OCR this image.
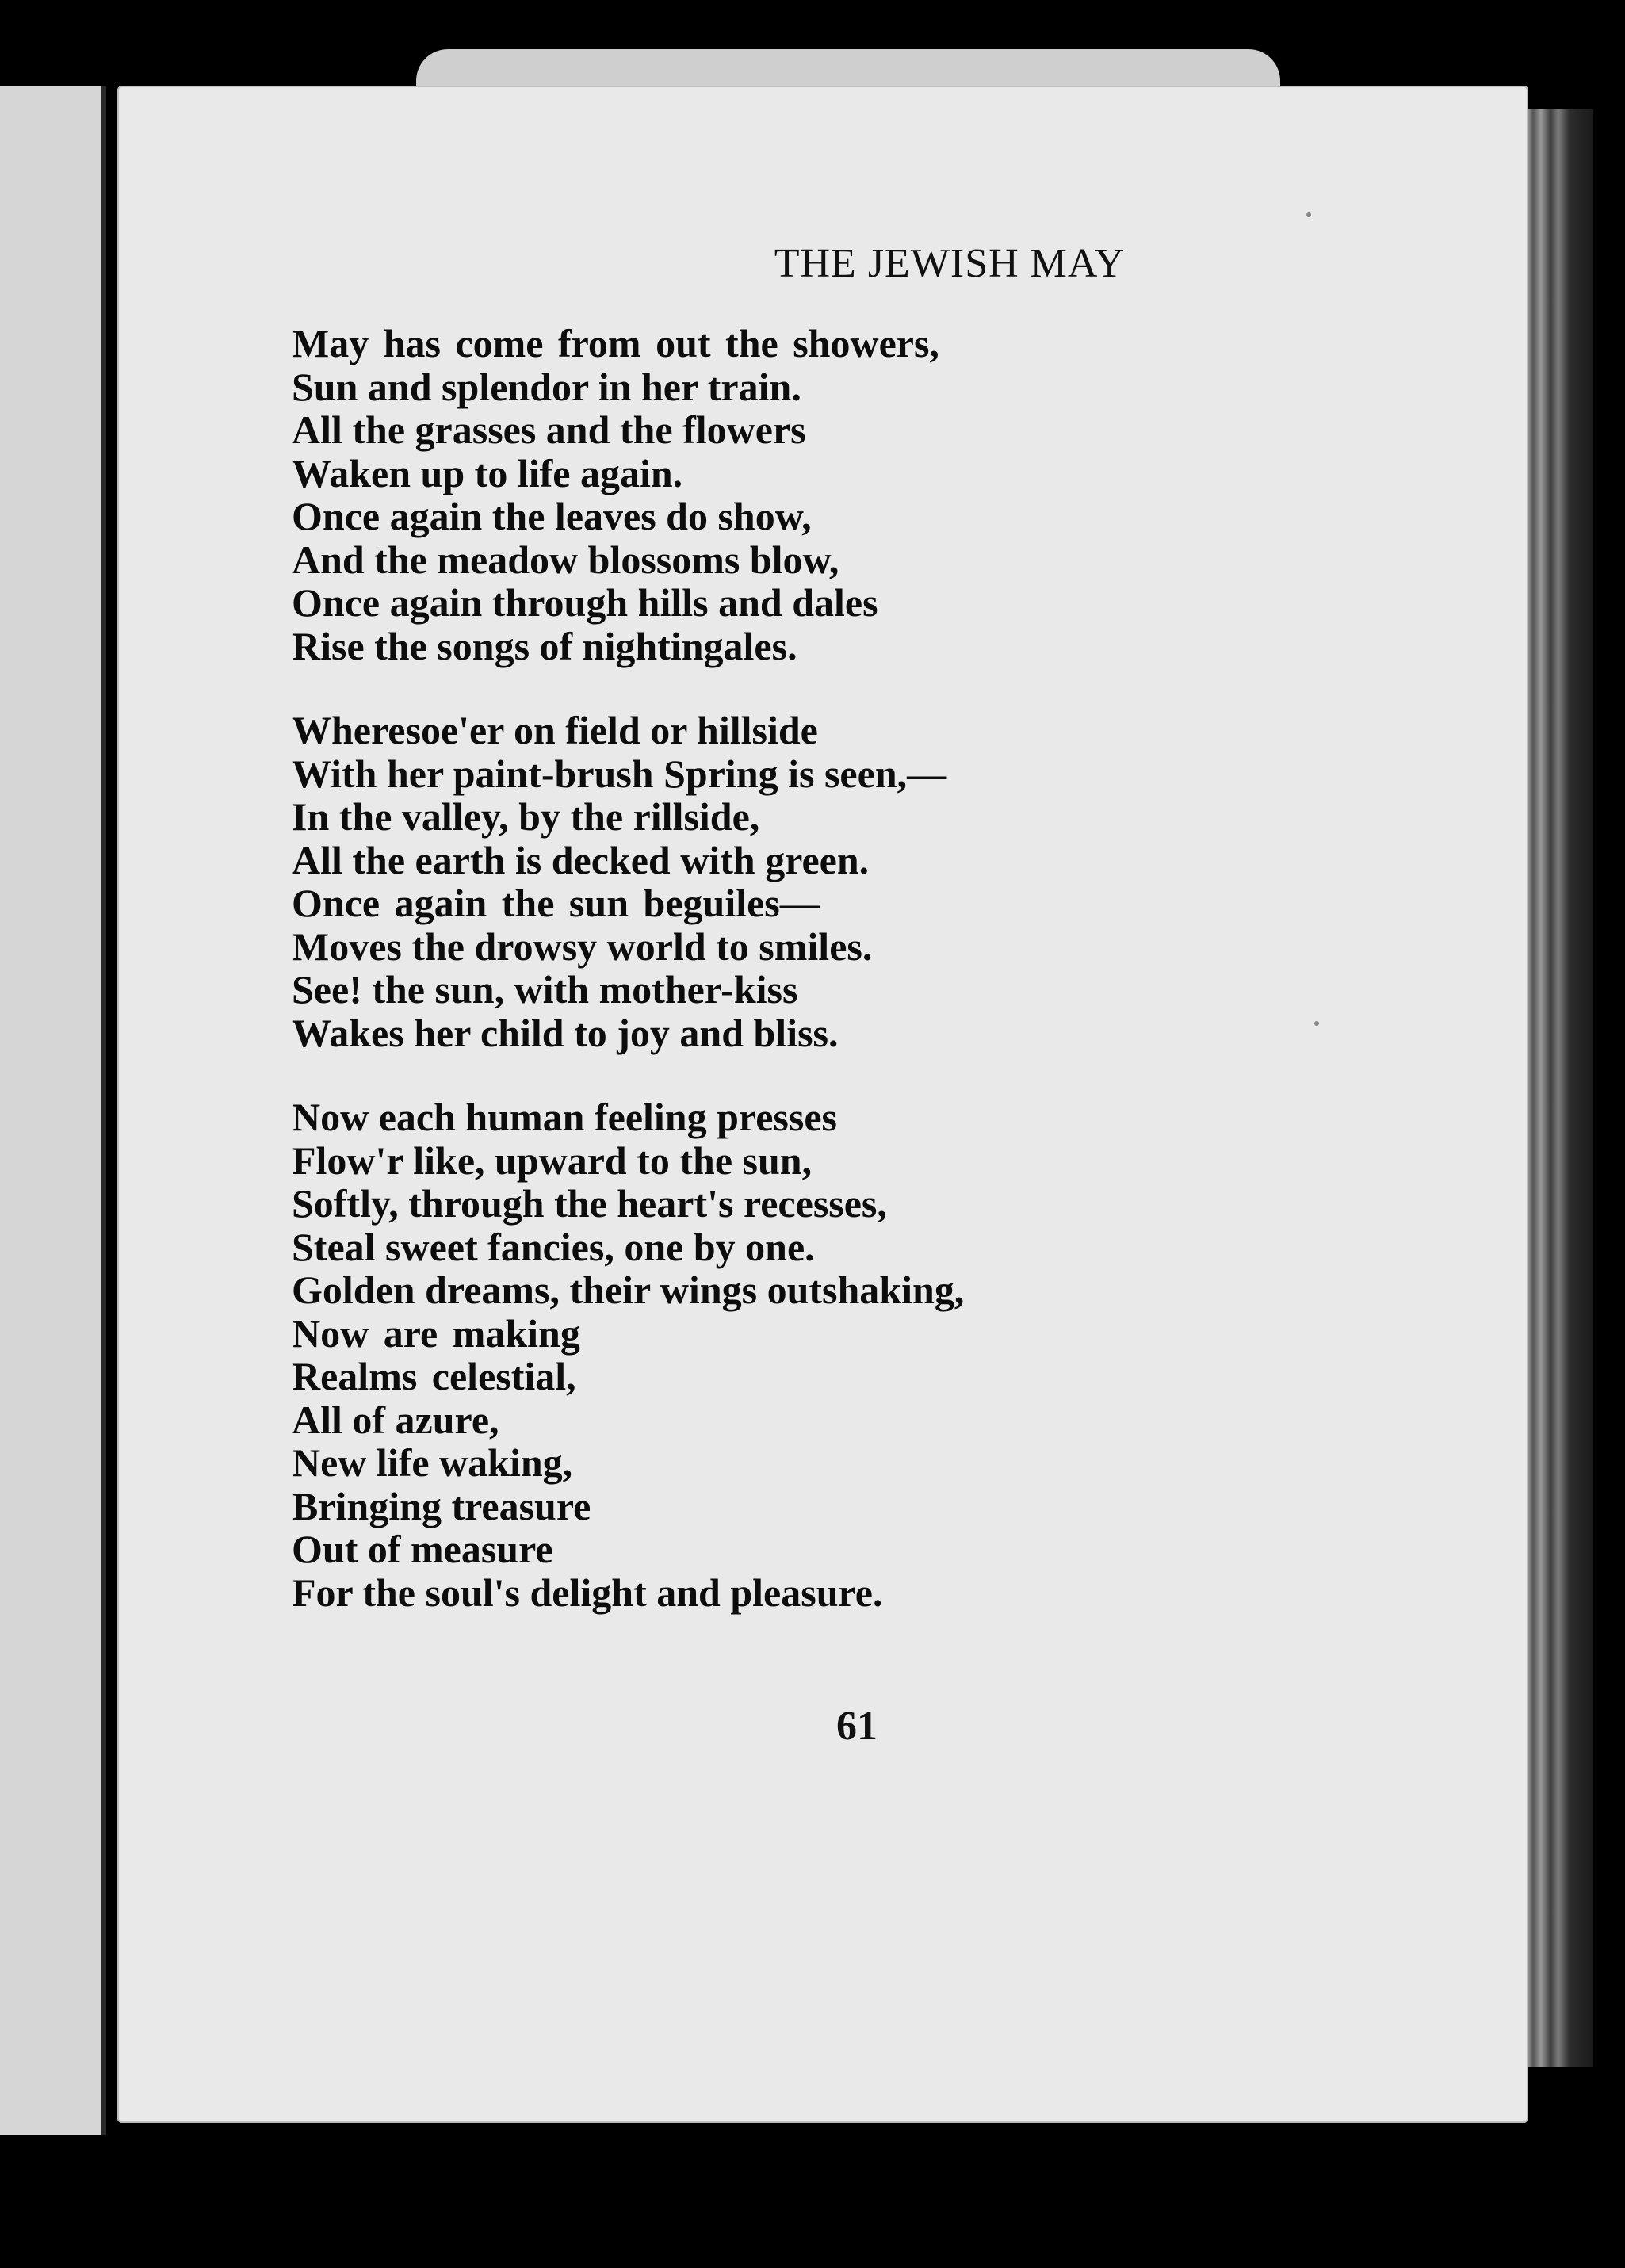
THE JEWISH MAY
May has come from out the showers,
Sun and splendor in her train.
All the grasses and the flowers
Waken up to life again.
Once again the leaves do show,
And the meadow blossoms blow,
Once again through hills and dales
Rise the songs of nightingales.
Wheresoe'er on field or hillside
With her paint-brush Spring is seen,—
In the valley, by the rillside,
All the earth is decked with green.
Once again the sun beguiles—
Moves the drowsy world to smiles.
See! the sun, with mother-kiss
Wakes her child to joy and bliss.
Now each human feeling presses
Flow'r like, upward to the sun,
Softly, through the heart's recesses,
Steal sweet fancies, one by one.
Golden dreams, their wings outshaking,
Now are making
Realms celestial,
All of azure,
New life waking,
Bringing treasure
Out of measure
For the soul's delight and pleasure.
61
